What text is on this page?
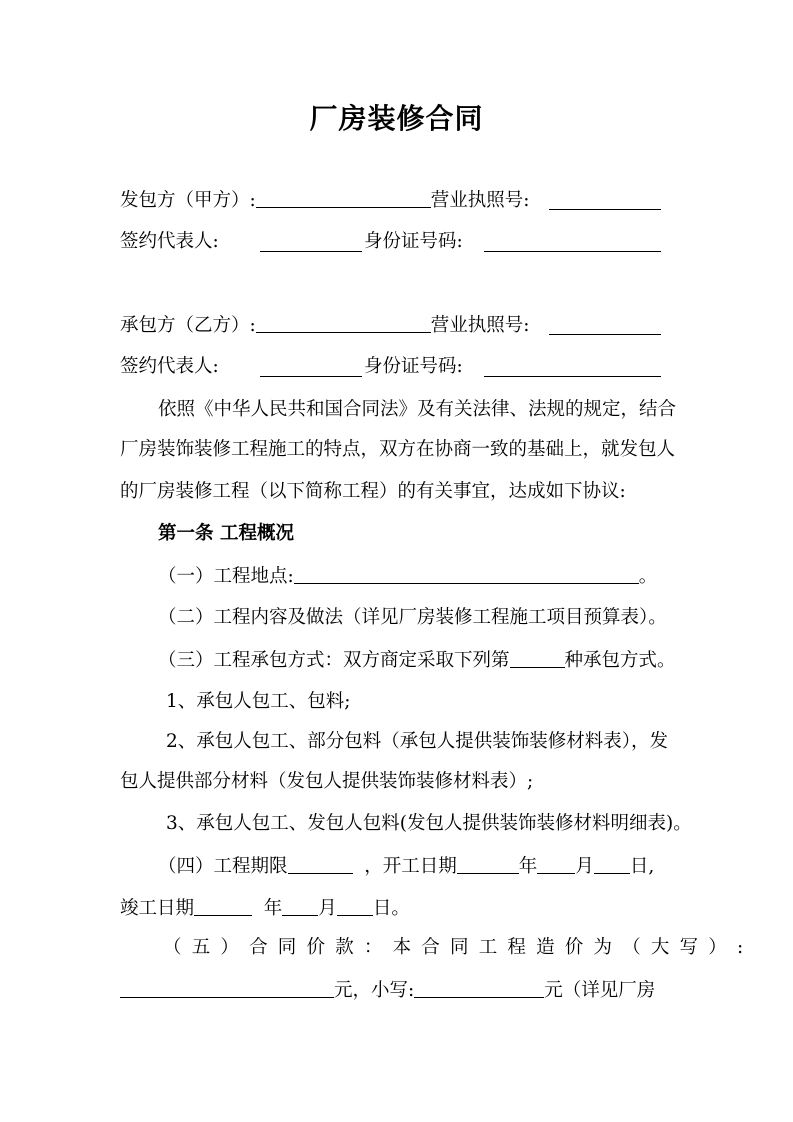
厂房装修合同
发包方（甲方）:	营业执照号:
签约代表人:	身份证号码:
承包方（乙方）:	营业执照号:
签约代表人:	身份证号码:
依照《中华人民共和国合同法》及有关法律、法规的规定，结合
厂房装饰装修工程施工的特点，双方在协商一致的基础上，就发包人
的厂房装修工程（以下简称工程）的有关事宜，达成如下协议:
第一条 工程概况
（一）工程地点:	。
（二）工程内容及做法（详见厂房装修工程施工项目预算表）。
（三）工程承包方式：双方商定采取下列第	种承包方式。
1、承包人包工、包料;
2、承包人包工、部分包料（承包人提供装饰装修材料表），发
包人提供部分材料（发包人提供装饰装修材料表）;
3、承包人包工、发包人包料(发包人提供装饰装修材料明细表)。
（四）工程期限	，开工日期	年 月 日,
竣工日期	年 月 日。
（五）合同价款：本合同工程造价为（大写）:
元，小写:	元（详见厂房
